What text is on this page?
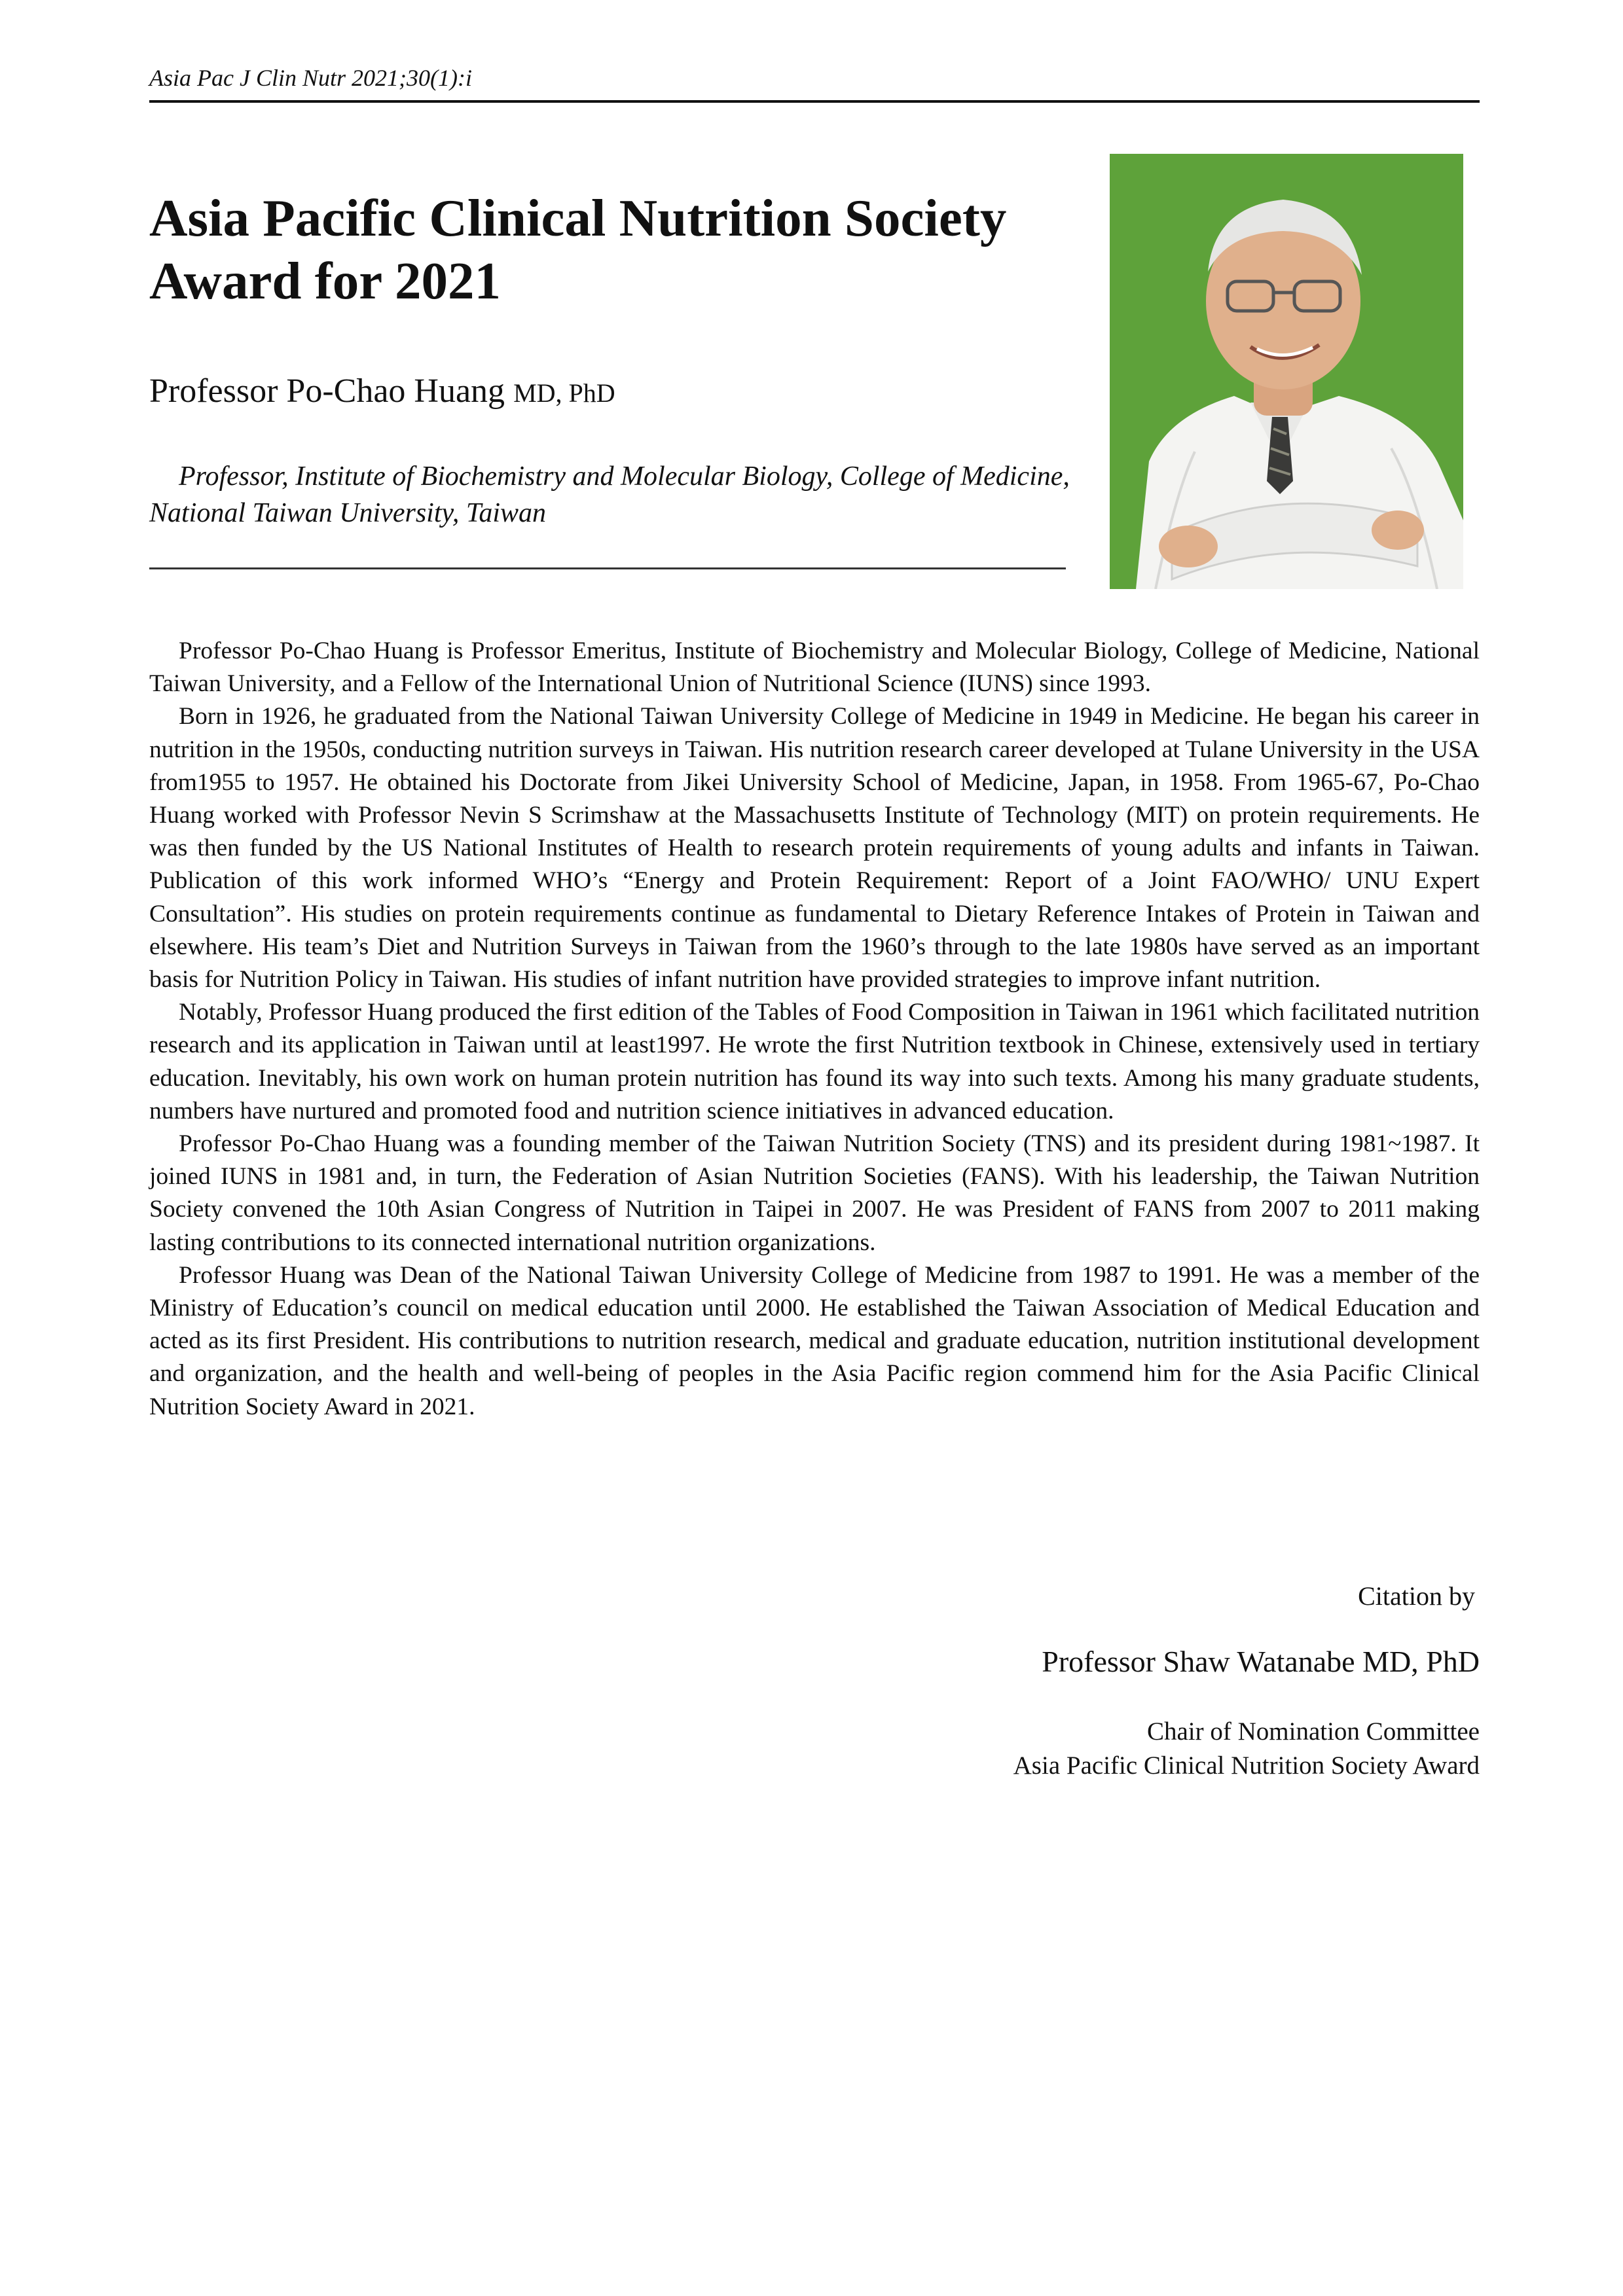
Asia Pac J Clin Nutr 2021;30(1):i
Asia Pacific Clinical Nutrition Society
Award for 2021
Professor Po-Chao Huang MD, PhD
Professor, Institute of Biochemistry and Molecular Biology, College of Medicine, National Taiwan University, Taiwan

Professor Po-Chao Huang is Professor Emeritus, Institute of Biochemistry and Molecular Biology, College of Medicine, National Taiwan University, and a Fellow of the International Union of Nutritional Science (IUNS) since 1993.

Born in 1926, he graduated from the National Taiwan University College of Medicine in 1949 in Medicine. He began his career in nutrition in the 1950s, conducting nutrition surveys in Taiwan. His nutrition research career developed at Tulane University in the USA from1955 to 1957. He obtained his Doctorate from Jikei University School of Medicine, Japan, in 1958. From 1965-67, Po-Chao Huang worked with Professor Nevin S Scrimshaw at the Massachusetts Institute of Technology (MIT) on protein requirements. He was then funded by the US National Institutes of Health to research protein requirements of young adults and infants in Taiwan. Publication of this work informed WHO’s “Energy and Protein Requirement: Report of a Joint FAO/WHO/ UNU Expert Consultation”. His studies on protein requirements continue as fundamental to Dietary Reference Intakes of Protein in Taiwan and elsewhere. His team’s Diet and Nutrition Surveys in Taiwan from the 1960’s through to the late 1980s have served as an important basis for Nutrition Policy in Taiwan. His studies of infant nutrition have provided strategies to improve infant nutrition.

Notably, Professor Huang produced the first edition of the Tables of Food Composition in Taiwan in 1961 which facilitated nutrition research and its application in Taiwan until at least1997. He wrote the first Nutrition textbook in Chinese, extensively used in tertiary education. Inevitably, his own work on human protein nutrition has found its way into such texts. Among his many graduate students, numbers have nurtured and promoted food and nutrition science initiatives in advanced education.

Professor Po-Chao Huang was a founding member of the Taiwan Nutrition Society (TNS) and its president during 1981~1987. It joined IUNS in 1981 and, in turn, the Federation of Asian Nutrition Societies (FANS). With his leadership, the Taiwan Nutrition Society convened the 10th Asian Congress of Nutrition in Taipei in 2007. He was President of FANS from 2007 to 2011 making lasting contributions to its connected international nutrition organizations.

Professor Huang was Dean of the National Taiwan University College of Medicine from 1987 to 1991. He was a member of the Ministry of Education’s council on medical education until 2000. He established the Taiwan Association of Medical Education and acted as its first President. His contributions to nutrition research, medical and graduate education, nutrition institutional development and organization, and the health and well-being of peoples in the Asia Pacific region commend him for the Asia Pacific Clinical Nutrition Society Award in 2021.

Citation by
Professor Shaw Watanabe MD, PhD
Chair of Nomination Committee
Asia Pacific Clinical Nutrition Society Award
